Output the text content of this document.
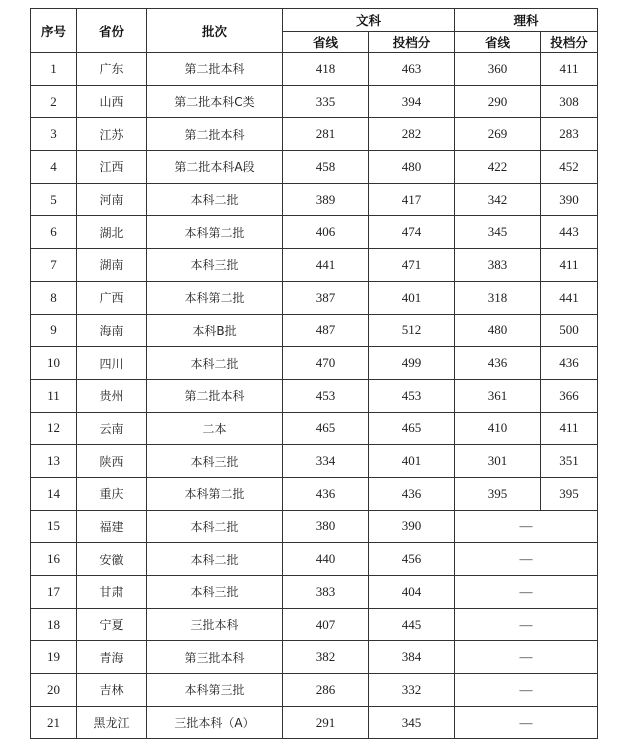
序号	省份	批次	文科		理科	
			省线	投档分	省线	投档分
1	广东	第二批本科	418	463	360	411
2	山西	第二批本科C类	335	394	290	308
3	江苏	第二批本科	281	282	269	283
4	江西	第二批本科A段	458	480	422	452
5	河南	本科二批	389	417	342	390
6	湖北	本科第二批	406	474	345	443
7	湖南	本科三批	441	471	383	411
8	广西	本科第二批	387	401	318	441
9	海南	本科B批	487	512	480	500
10	四川	本科二批	470	499	436	436
11	贵州	第二批本科	453	453	361	366
12	云南	二本	465	465	410	411
13	陕西	本科三批	334	401	301	351
14	重庆	本科第二批	436	436	395	395
15	福建	本科二批	380	390	—	
16	安徽	本科二批	440	456	—	
17	甘肃	本科三批	383	404	—	
18	宁夏	三批本科	407	445	—	
19	青海	第三批本科	382	384	—	
20	吉林	本科第三批	286	332	—	
21	黑龙江	三批本科（A）	291	345	—	
